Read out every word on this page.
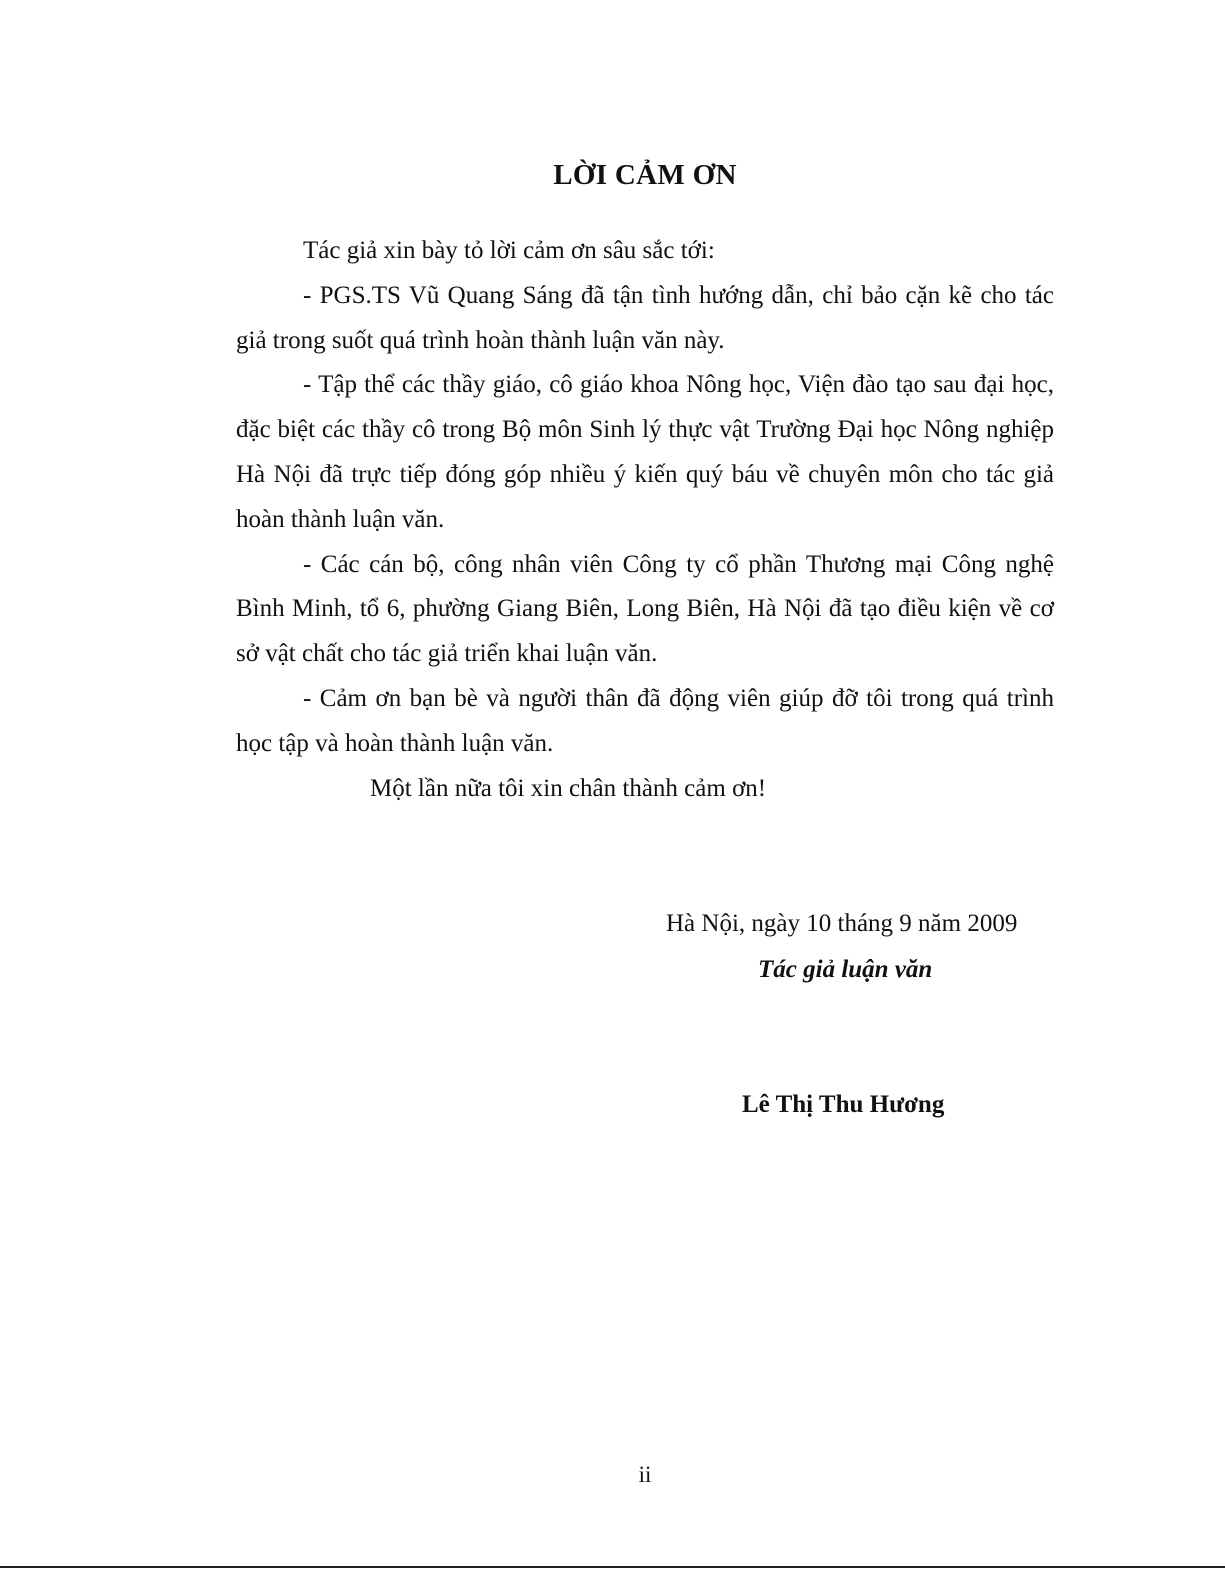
LỜI CẢM ƠN

Tác giả xin bày tỏ lời cảm ơn sâu sắc tới:

- PGS.TS Vũ Quang Sáng đã tận tình hướng dẫn, chỉ bảo cặn kẽ cho tác giả trong suốt quá trình hoàn thành luận văn này.

- Tập thể các thầy giáo, cô giáo khoa Nông học, Viện đào tạo sau đại học, đặc biệt các thầy cô trong Bộ môn Sinh lý thực vật Trường Đại học Nông nghiệp Hà Nội đã trực tiếp đóng góp nhiều ý kiến quý báu về chuyên môn cho tác giả hoàn thành luận văn.

- Các cán bộ, công nhân viên Công ty cổ phần Thương mại Công nghệ Bình Minh, tổ 6, phường Giang Biên, Long Biên, Hà Nội đã tạo điều kiện về cơ sở vật chất cho tác giả triển khai luận văn.

- Cảm ơn bạn bè và người thân đã động viên giúp đỡ tôi trong quá trình học tập và hoàn thành luận văn.

Một lần nữa tôi xin chân thành cảm ơn!

Hà Nội, ngày 10 tháng 9 năm 2009
Tác giả luận văn
Lê Thị Thu Hương
ii
